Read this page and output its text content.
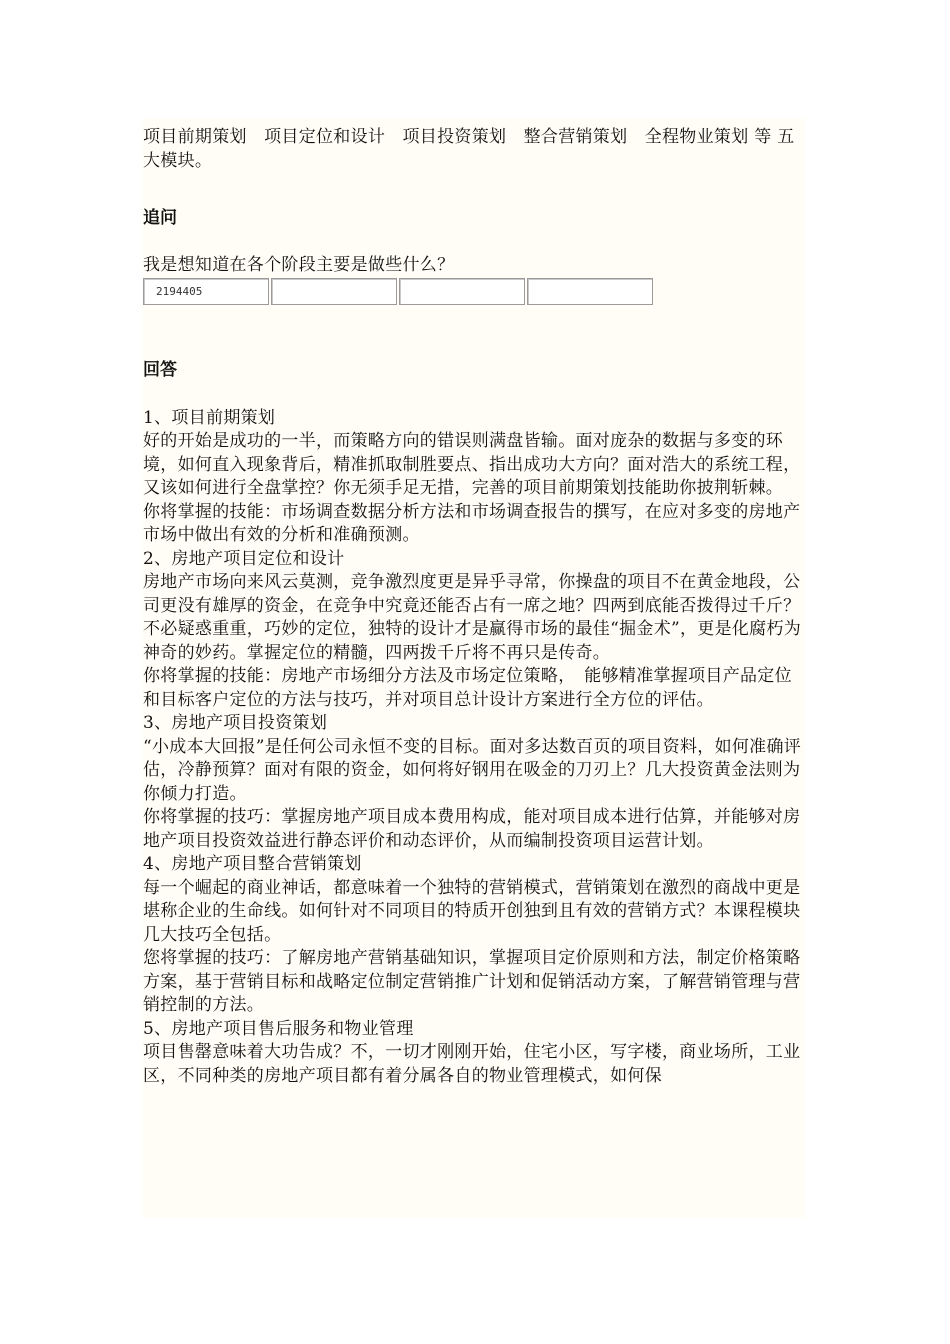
项目前期策划　项目定位和设计　项目投资策划　整合营销策划　全程物业策划 等 五大模块。

追问

我是想知道在各个阶段主要是做些什么？

2194405

回答

1、项目前期策划

好的开始是成功的一半，而策略方向的错误则满盘皆输。面对庞杂的数据与多变的环境，如何直入现象背后，精准抓取制胜要点、指出成功大方向？面对浩大的系统工程，又该如何进行全盘掌控？你无须手足无措，完善的项目前期策划技能助你披荆斩棘。

你将掌握的技能：市场调查数据分析方法和市场调查报告的撰写，在应对多变的房地产市场中做出有效的分析和准确预测。

2、房地产项目定位和设计

房地产市场向来风云莫测，竞争激烈度更是异乎寻常，你操盘的项目不在黄金地段，公司更没有雄厚的资金，在竞争中究竟还能否占有一席之地？四两到底能否拨得过千斤？不必疑惑重重，巧妙的定位，独特的设计才是赢得市场的最佳“掘金术”，更是化腐朽为神奇的妙药。掌握定位的精髓，四两拨千斤将不再只是传奇。

你将掌握的技能：房地产市场细分方法及市场定位策略，　能够精准掌握项目产品定位和目标客户定位的方法与技巧，并对项目总计设计方案进行全方位的评估。

3、房地产项目投资策划

“小成本大回报”是任何公司永恒不变的目标。面对多达数百页的项目资料，如何准确评估，冷静预算？面对有限的资金，如何将好钢用在吸金的刀刃上？几大投资黄金法则为你倾力打造。

你将掌握的技巧：掌握房地产项目成本费用构成，能对项目成本进行估算，并能够对房地产项目投资效益进行静态评价和动态评价，从而编制投资项目运营计划。

4、房地产项目整合营销策划

每一个崛起的商业神话，都意味着一个独特的营销模式，营销策划在激烈的商战中更是堪称企业的生命线。如何针对不同项目的特质开创独到且有效的营销方式？本课程模块几大技巧全包括。

您将掌握的技巧：了解房地产营销基础知识，掌握项目定价原则和方法，制定价格策略方案，基于营销目标和战略定位制定营销推广计划和促销活动方案，了解营销管理与营销控制的方法。

5、房地产项目售后服务和物业管理

项目售罄意味着大功告成？不，一切才刚刚开始，住宅小区，写字楼，商业场所，工业区，不同种类的房地产项目都有着分属各自的物业管理模式，如何保
